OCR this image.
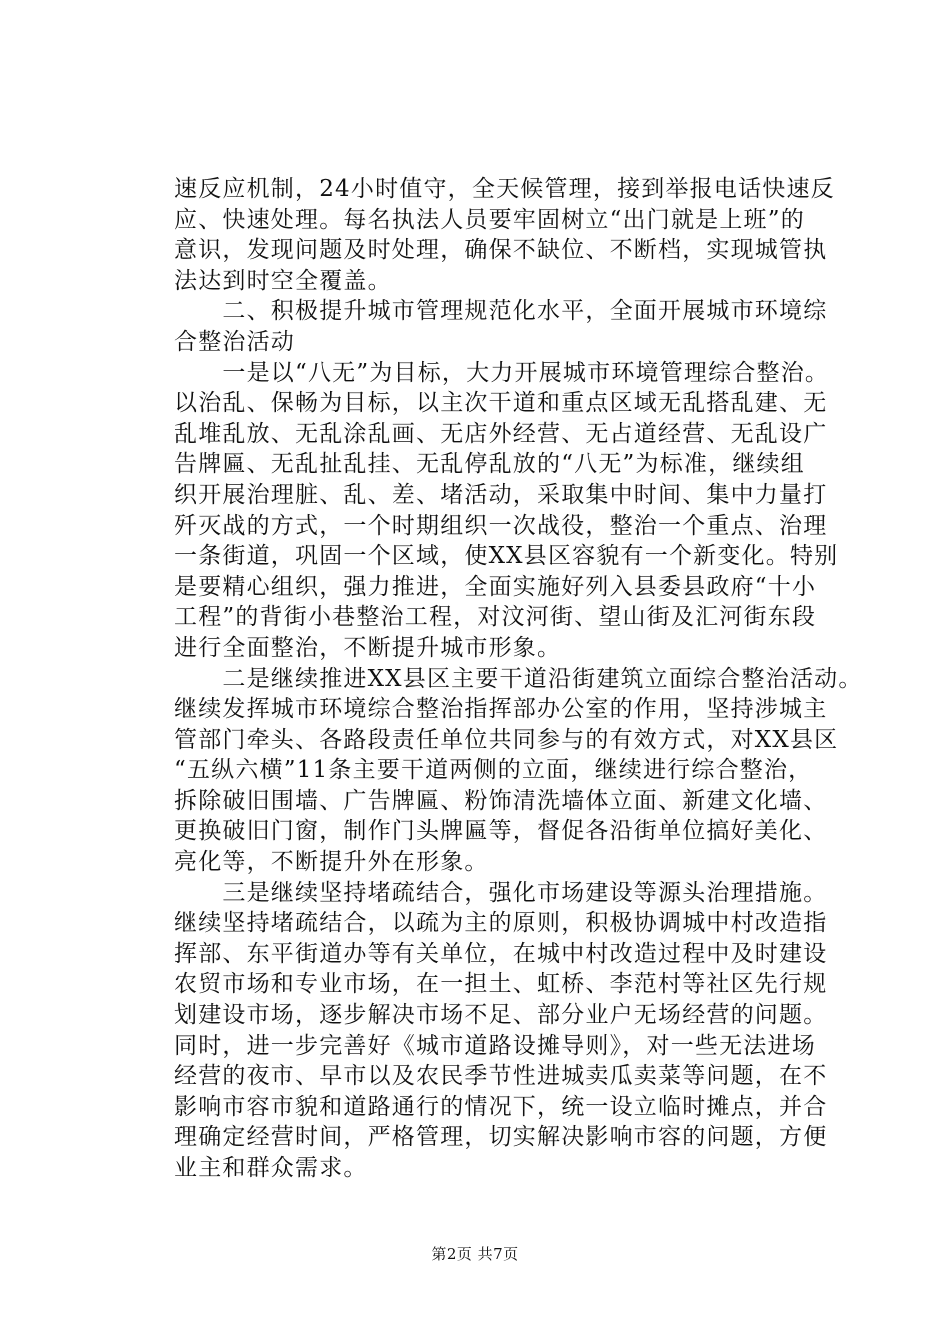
速反应机制，24小时值守，全天候管理，接到举报电话快速反
应、快速处理。每名执法人员要牢固树立“出门就是上班”的
意识，发现问题及时处理，确保不缺位、不断档，实现城管执
法达到时空全覆盖。
　　二、积极提升城市管理规范化水平，全面开展城市环境综
合整治活动
　　一是以“八无”为目标，大力开展城市环境管理综合整治。
以治乱、保畅为目标，以主次干道和重点区域无乱搭乱建、无
乱堆乱放、无乱涂乱画、无店外经营、无占道经营、无乱设广
告牌匾、无乱扯乱挂、无乱停乱放的“八无”为标准，继续组
织开展治理脏、乱、差、堵活动，采取集中时间、集中力量打
歼灭战的方式，一个时期组织一次战役，整治一个重点、治理
一条街道，巩固一个区域，使XX县区容貌有一个新变化。特别
是要精心组织，强力推进，全面实施好列入县委县政府“十小
工程”的背街小巷整治工程，对汶河街、望山街及汇河街东段
进行全面整治，不断提升城市形象。
　　二是继续推进XX县区主要干道沿街建筑立面综合整治活动。
继续发挥城市环境综合整治指挥部办公室的作用，坚持涉城主
管部门牵头、各路段责任单位共同参与的有效方式，对XX县区
“五纵六横”11条主要干道两侧的立面，继续进行综合整治，
拆除破旧围墙、广告牌匾、粉饰清洗墙体立面、新建文化墙、
更换破旧门窗，制作门头牌匾等，督促各沿街单位搞好美化、
亮化等，不断提升外在形象。
　　三是继续坚持堵疏结合，强化市场建设等源头治理措施。
继续坚持堵疏结合，以疏为主的原则，积极协调城中村改造指
挥部、东平街道办等有关单位，在城中村改造过程中及时建设
农贸市场和专业市场，在一担土、虹桥、李范村等社区先行规
划建设市场，逐步解决市场不足、部分业户无场经营的问题。
同时，进一步完善好《城市道路设摊导则》，对一些无法进场
经营的夜市、早市以及农民季节性进城卖瓜卖菜等问题，在不
影响市容市貌和道路通行的情况下，统一设立临时摊点，并合
理确定经营时间，严格管理，切实解决影响市容的问题，方便
业主和群众需求。
第2页 共7页
